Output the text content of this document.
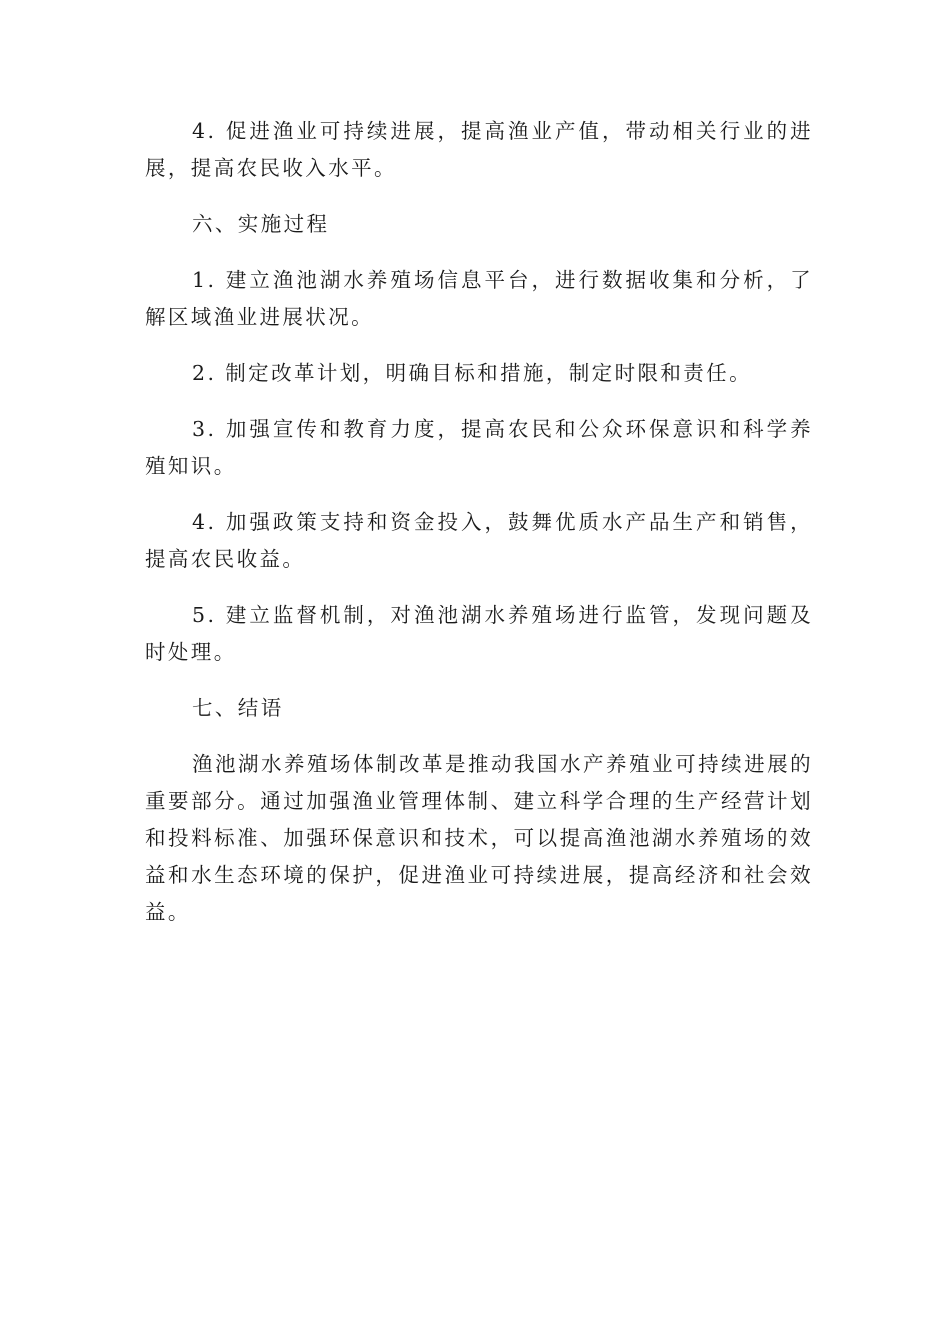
4. 促进渔业可持续进展，提高渔业产值，带动相关行业的进展，提高农民收入水平。

六、实施过程

1. 建立渔池湖水养殖场信息平台，进行数据收集和分析，了解区域渔业进展状况。

2. 制定改革计划，明确目标和措施，制定时限和责任。

3. 加强宣传和教育力度，提高农民和公众环保意识和科学养殖知识。

4. 加强政策支持和资金投入，鼓舞优质水产品生产和销售，提高农民收益。

5. 建立监督机制，对渔池湖水养殖场进行监管，发现问题及时处理。

七、结语

渔池湖水养殖场体制改革是推动我国水产养殖业可持续进展的重要部分。通过加强渔业管理体制、建立科学合理的生产经营计划和投料标准、加强环保意识和技术，可以提高渔池湖水养殖场的效益和水生态环境的保护，促进渔业可持续进展，提高经济和社会效益。
